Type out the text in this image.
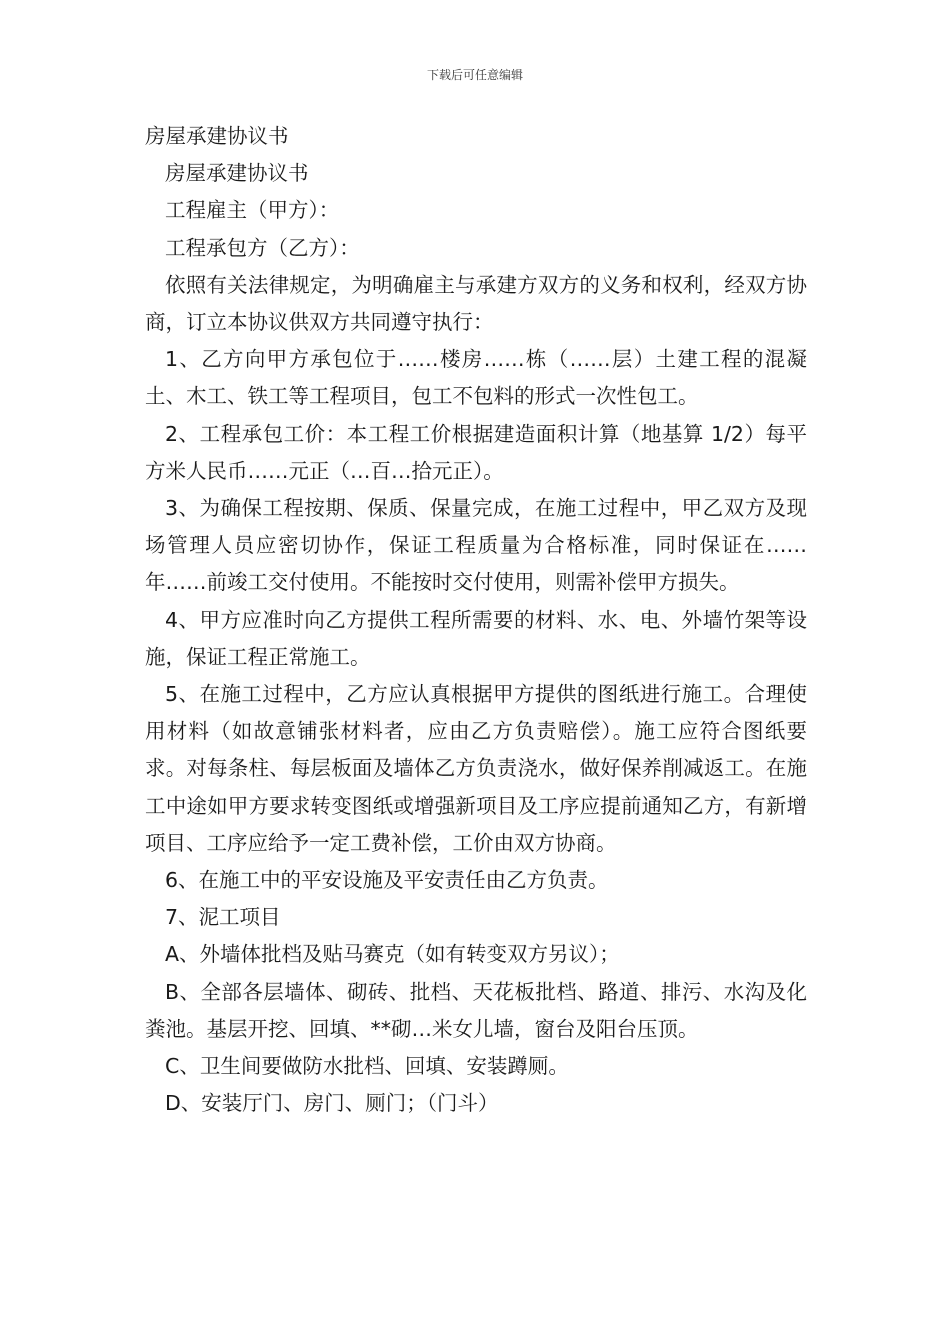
下载后可任意编辑

房屋承建协议书

房屋承建协议书

工程雇主（甲方）：

工程承包方（乙方）：

依照有关法律规定，为明确雇主与承建方双方的义务和权利，经双方协商，订立本协议供双方共同遵守执行：

1、乙方向甲方承包位于……楼房……栋（……层）土建工程的混凝土、木工、铁工等工程项目，包工不包料的形式一次性包工。

2、工程承包工价：本工程工价根据建造面积计算（地基算 1/2）每平方米人民币……元正（…百…拾元正）。

3、为确保工程按期、保质、保量完成，在施工过程中，甲乙双方及现场管理人员应密切协作，保证工程质量为合格标准，同时保证在……年……前竣工交付使用。不能按时交付使用，则需补偿甲方损失。

4、甲方应准时向乙方提供工程所需要的材料、水、电、外墙竹架等设施，保证工程正常施工。

5、在施工过程中，乙方应认真根据甲方提供的图纸进行施工。合理使用材料（如故意铺张材料者，应由乙方负责赔偿）。施工应符合图纸要求。对每条柱、每层板面及墙体乙方负责浇水，做好保养削减返工。在施工中途如甲方要求转变图纸或增强新项目及工序应提前通知乙方，有新增项目、工序应给予一定工费补偿，工价由双方协商。

6、在施工中的平安设施及平安责任由乙方负责。

7、泥工项目

A、外墙体批档及贴马赛克（如有转变双方另议）；

B、全部各层墙体、砌砖、批档、天花板批档、路道、排污、水沟及化粪池。基层开挖、回填、**砌…米女儿墙，窗台及阳台压顶。

C、卫生间要做防水批档、回填、安装蹲厕。

D、安装厅门、房门、厕门；（门斗）
